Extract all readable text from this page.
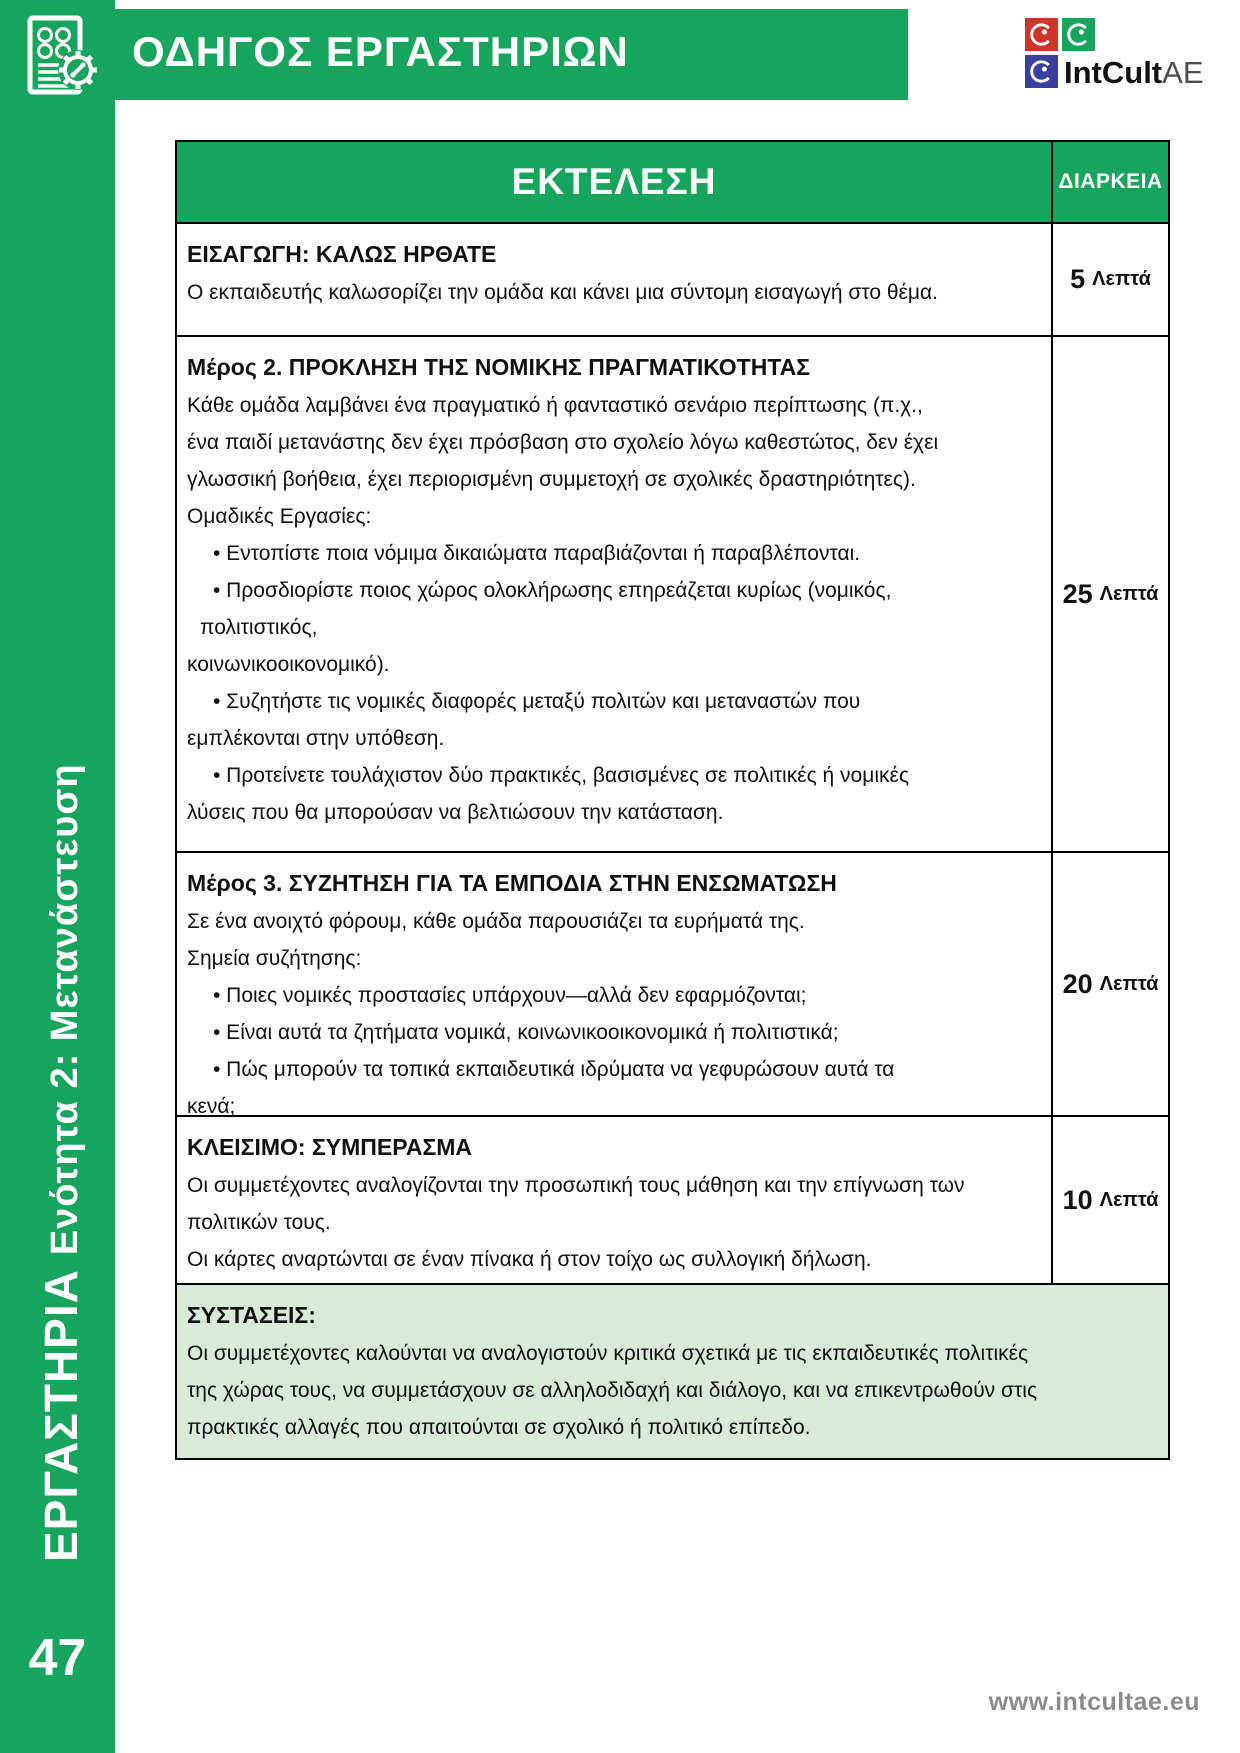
ΟΔΗΓΟΣ ΕΡΓΑΣΤΗΡΙΩΝ	IntCult AE
ΕΡΓΑΣΤΗΡΙΑΕνότητα 2: Μετανάστευση
47
ΕΚΤΕΛΕΣΗ	ΔΙΑΡΚΕΙΑ
ΕΙΣΑΓΩΓΗ: ΚΑΛΩΣ ΗΡΘΑΤΕ
Ο εκπαιδευτής καλωσορίζει την ομάδα και κάνει μια σύντομη εισαγωγή στο θέμα.	5 Λεπτά
Μέρος 2. ΠΡΟΚΛΗΣΗ ΤΗΣ ΝΟΜΙΚΗΣ ΠΡΑΓΜΑΤΙΚΟΤΗΤΑΣ
Κάθε ομάδα λαμβάνει ένα πραγματικό ή φανταστικό σενάριο περίπτωσης (π.χ.,
ένα παιδί μετανάστης δεν έχει πρόσβαση στο σχολείο λόγω καθεστώτος, δεν έχει
γλωσσική βοήθεια, έχει περιορισμένη συμμετοχή σε σχολικές δραστηριότητες).
Ομαδικές Εργασίες:
• Εντοπίστε ποια νόμιμα δικαιώματα παραβιάζονται ή παραβλέπονται.
• Προσδιορίστε ποιος χώρος ολοκλήρωσης επηρεάζεται κυρίως (νομικός,
πολιτιστικός,
κοινωνικοοικονομικό).
• Συζητήστε τις νομικές διαφορές μεταξύ πολιτών και μεταναστών που
εμπλέκονται στην υπόθεση.
• Προτείνετε τουλάχιστον δύο πρακτικές, βασισμένες σε πολιτικές ή νομικές
λύσεις που θα μπορούσαν να βελτιώσουν την κατάσταση.
25 Λεπτά
Μέρος 3. ΣΥΖΗΤΗΣΗ ΓΙΑ ΤΑ ΕΜΠΟΔΙΑ ΣΤΗΝ ΕΝΣΩΜΑΤΩΣΗ
Σε ένα ανοιχτό φόρουμ, κάθε ομάδα παρουσιάζει τα ευρήματά της.
Σημεία συζήτησης:
• Ποιες νομικές προστασίες υπάρχουν—αλλά δεν εφαρμόζονται;
• Είναι αυτά τα ζητήματα νομικά, κοινωνικοοικονομικά ή πολιτιστικά;
• Πώς μπορούν τα τοπικά εκπαιδευτικά ιδρύματα να γεφυρώσουν αυτά τα
κενά;
20 Λεπτά
ΚΛΕΙΣΙΜΟ: ΣΥΜΠΕΡΑΣΜΑ
Οι συμμετέχοντες αναλογίζονται την προσωπική τους μάθηση και την επίγνωση των
πολιτικών τους.
Οι κάρτες αναρτώνται σε έναν πίνακα ή στον τοίχο ως συλλογική δήλωση.
10 Λεπτά
ΣΥΣΤΑΣΕΙΣ:
Οι συμμετέχοντες καλούνται να αναλογιστούν κριτικά σχετικά με τις εκπαιδευτικές πολιτικές
της χώρας τους, να συμμετάσχουν σε αλληλοδιδαχή και διάλογο, και να επικεντρωθούν στις
πρακτικές αλλαγές που απαιτούνται σε σχολικό ή πολιτικό επίπεδο.
www.intcultae.eu
